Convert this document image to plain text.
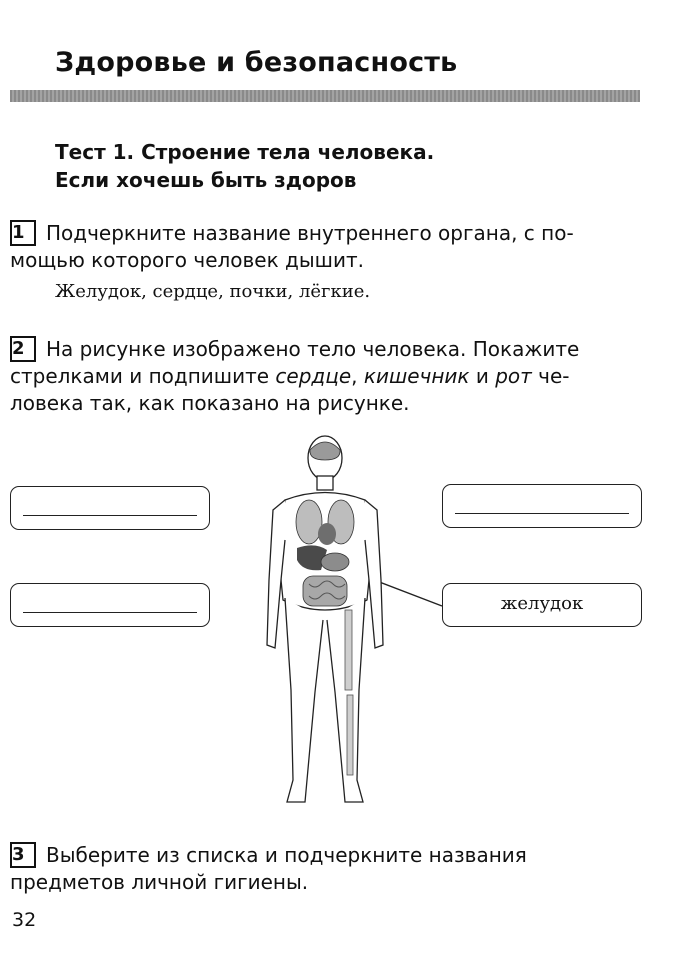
Здоровье и безопасность
Тест 1. Строение тела человека.
Если хочешь быть здоров

1 Подчеркните название внутреннего органа, с по-

мощью которого человек дышит.

Желудок, сердце, почки, лёгкие.

2 На рисунке изображено тело человека. Покажите

стрелками и подпишите сердце, кишечник и рот че-

ловека так, как показано на рисунке.

желудок

3 Выберите из списка и подчеркните названия

предметов личной гигиены.

32
